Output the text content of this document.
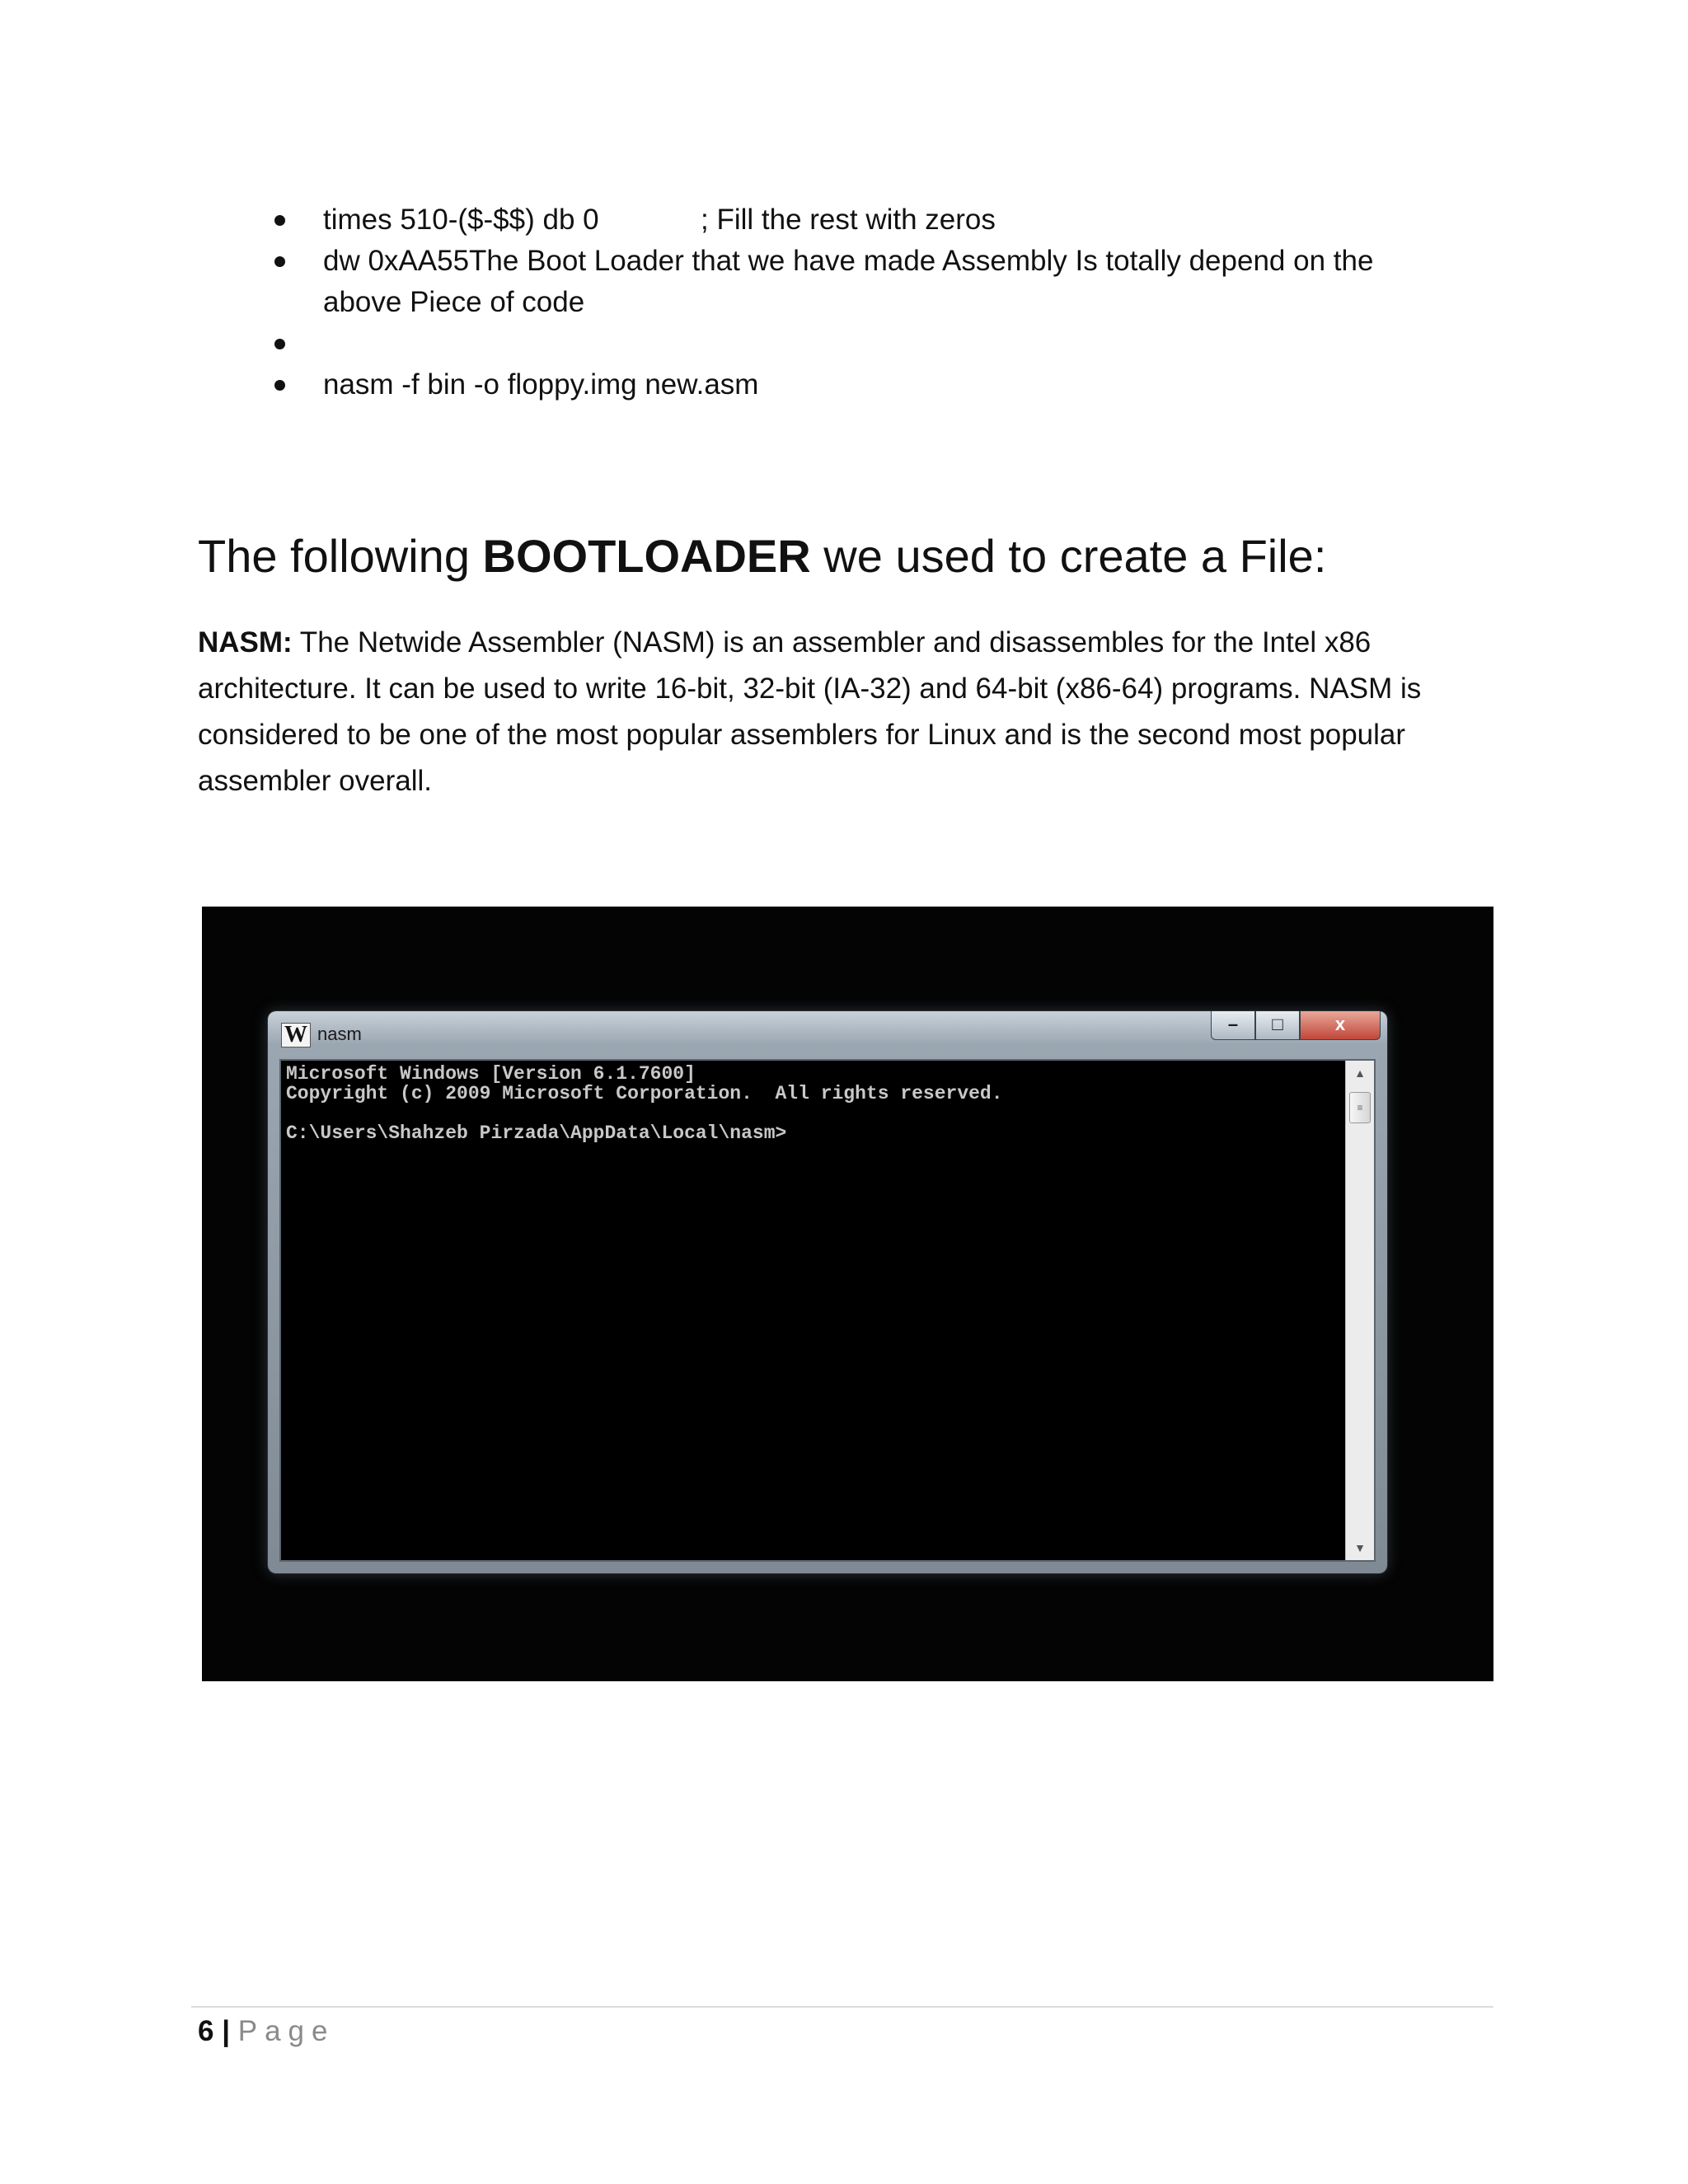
times 510-($-$$) db 0	; Fill the rest with zeros
dw 0xAA55The Boot Loader that we have made Assembly Is totally depend on the above Piece of code
nasm -f bin -o floppy.img new.asm
The following BOOTLOADER we used to create a File:

NASM: The Netwide Assembler (NASM) is an assembler and disassembles for the Intel x86 architecture. It can be used to write 16-bit, 32-bit (IA-32) and 64-bit (x86-64) programs. NASM is considered to be one of the most popular assemblers for Linux and is the second most popular assembler overall.

W nasm	–	□	x
Microsoft Windows [Version 6.1.7600]
Copyright (c) 2009 Microsoft Corporation.  All rights reserved.

C:\Users\Shahzeb Pirzada\AppData\Local\nasm>
▲
≡
▼
6 | Page
